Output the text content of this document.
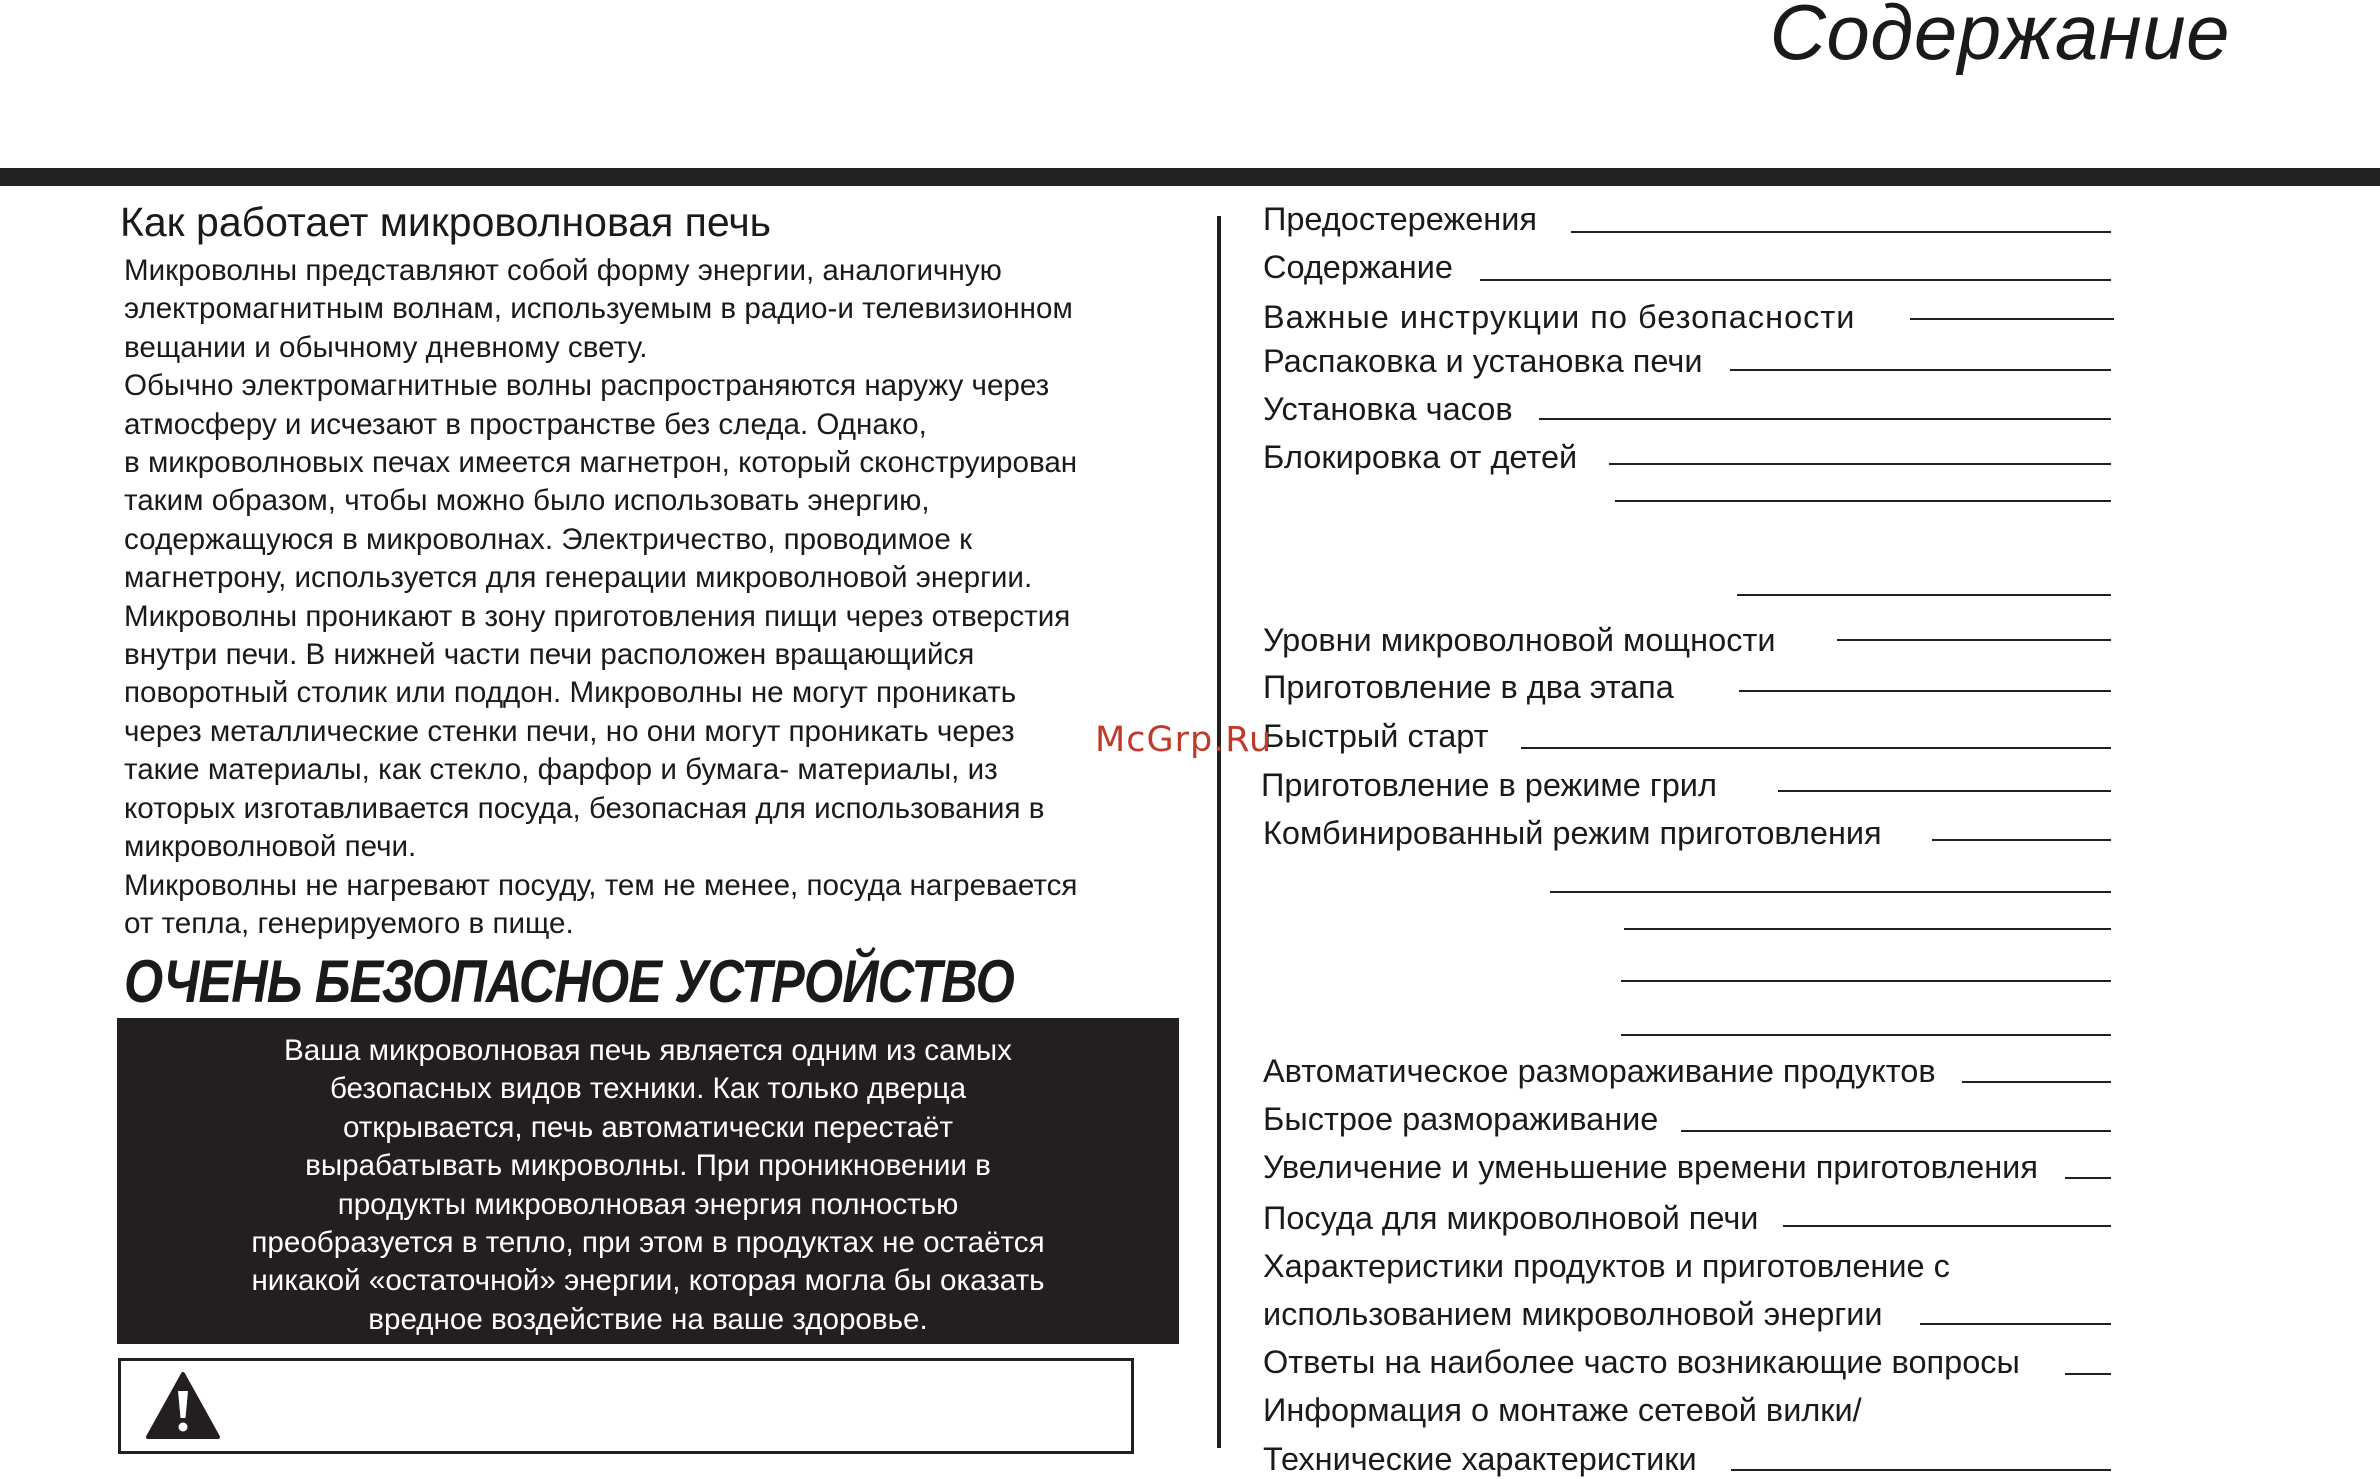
Содержание
Как работает микроволновая печь

Микроволны представляют собой форму энергии, аналогичную

электромагнитным волнам, используемым в радио-и телевизионном

вещании и обычному дневному свету.

Обычно электромагнитные волны распространяются наружу через

атмосферу и исчезают в пространстве без следа. Однако,

в микроволновых печах имеется магнетрон, который сконструирован

таким образом, чтобы можно было использовать энергию,

содержащуюся в микроволнах. Электричество, проводимое к

магнетрону, используется для генерации микроволновой энергии.

Микроволны проникают в зону приготовления пищи через отверстия

внутри печи. В нижней части печи расположен вращающийся

поворотный столик или поддон. Микроволны не могут проникать

через металлические стенки печи, но они могут проникать через

такие материалы, как стекло, фарфор и бумага- материалы, из

которых изготавливается посуда, безопасная для использования в

микроволновой печи.

Микроволны не нагревают посуду, тем не менее, посуда нагревается

от тепла, генерируемого в пище.

ОЧЕНЬ БЕЗОПАСНОЕ УСТРОЙСТВО

Ваша микроволновая печь является одним из самых

безопасных видов техники. Как только дверца

открывается, печь автоматически перестаёт

вырабатывать микроволны. При проникновении в

продукты микроволновая энергия полностью

преобразуется в тепло, при этом в продуктах не остаётся

никакой «остаточной» энергии, которая могла бы оказать

вредное воздействие на ваше здоровье.

Предостережения
Содержание
Важные инструкции по безопасности
Распаковка и установка печи
Установка часов
Блокировка от детей
Уровни микроволновой мощности
Приготовление в два этапа
Быстрый старт
Приготовление в режиме грил
Комбинированный режим приготовления
Автоматическое размораживание продуктов
Быстрое размораживание
Увеличение и уменьшение времени приготовления
Посуда для микроволновой печи
Характеристики продуктов и приготовление с
использованием микроволновой энергии
Ответы на наиболее часто возникающие вопросы
Информация о монтаже сетевой вилки/
Технические характеристики
McGrp.Ru
